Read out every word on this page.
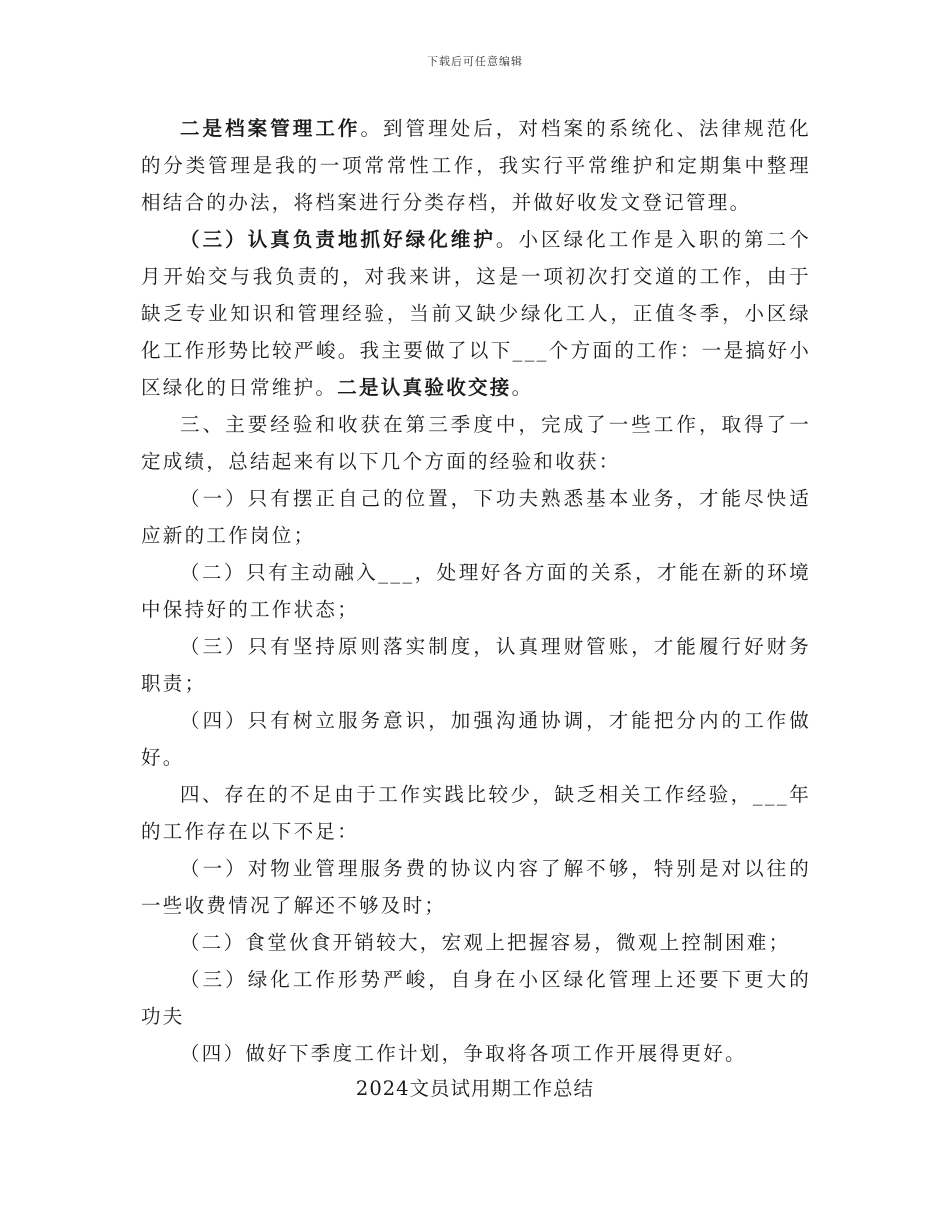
下载后可任意编辑

二是档案管理工作。到管理处后，对档案的系统化、法律规范化的分类管理是我的一项常常性工作，我实行平常维护和定期集中整理相结合的办法，将档案进行分类存档，并做好收发文登记管理。

（三）认真负责地抓好绿化维护。小区绿化工作是入职的第二个月开始交与我负责的，对我来讲，这是一项初次打交道的工作，由于缺乏专业知识和管理经验，当前又缺少绿化工人，正值冬季，小区绿化工作形势比较严峻。我主要做了以下___个方面的工作：一是搞好小区绿化的日常维护。二是认真验收交接。

三、主要经验和收获在第三季度中，完成了一些工作，取得了一定成绩，总结起来有以下几个方面的经验和收获：

（一）只有摆正自己的位置，下功夫熟悉基本业务，才能尽快适应新的工作岗位；

（二）只有主动融入___，处理好各方面的关系，才能在新的环境中保持好的工作状态；

（三）只有坚持原则落实制度，认真理财管账，才能履行好财务职责；

（四）只有树立服务意识，加强沟通协调，才能把分内的工作做好。

四、存在的不足由于工作实践比较少，缺乏相关工作经验，___年的工作存在以下不足：

（一）对物业管理服务费的协议内容了解不够，特别是对以往的一些收费情况了解还不够及时；

（二）食堂伙食开销较大，宏观上把握容易，微观上控制困难；

（三）绿化工作形势严峻，自身在小区绿化管理上还要下更大的功夫

（四）做好下季度工作计划，争取将各项工作开展得更好。

2024文员试用期工作总结
